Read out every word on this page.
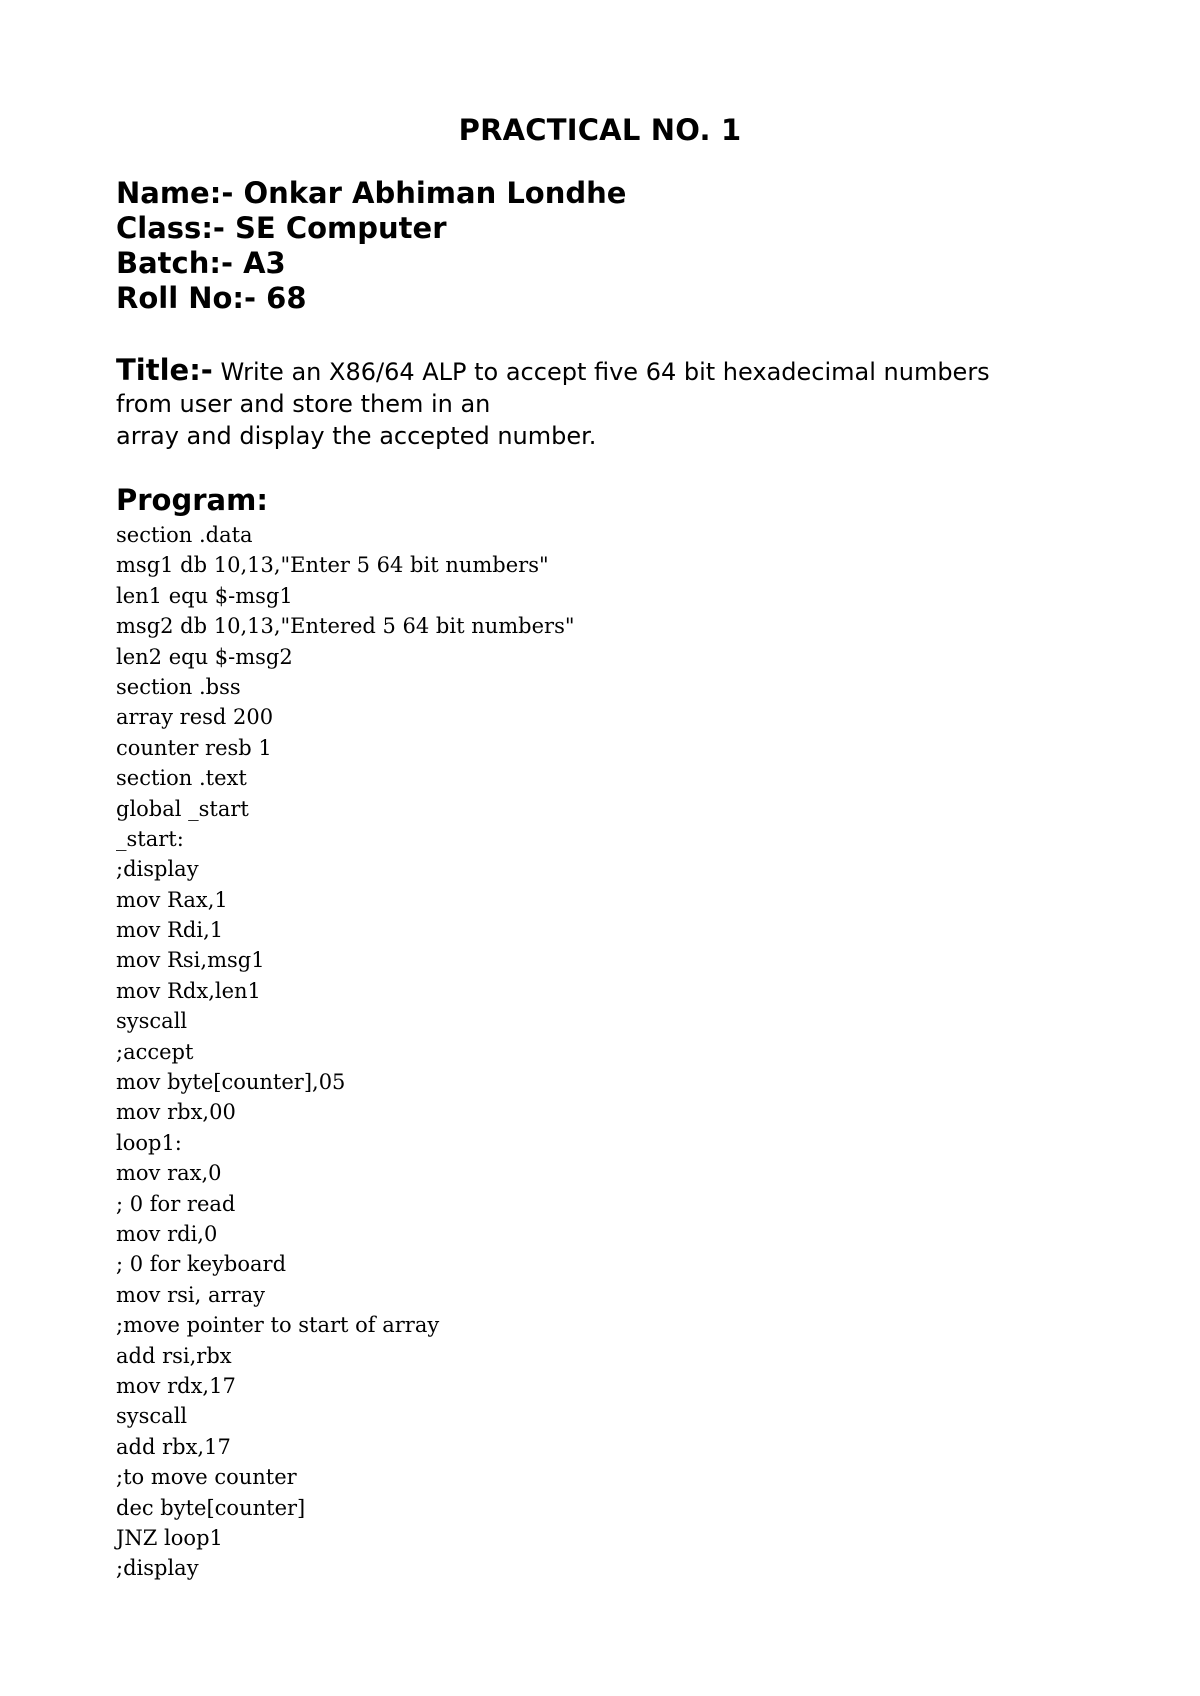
PRACTICAL NO. 1
Name:- Onkar Abhiman Londhe
Class:- SE Computer
Batch:- A3
Roll No:- 68
Title:- Write an X86/64 ALP to accept five 64 bit hexadecimal numbers
from user and store them in an
array and display the accepted number.
Program:
section .data
msg1 db 10,13,"Enter 5 64 bit numbers"
len1 equ $-msg1
msg2 db 10,13,"Entered 5 64 bit numbers"
len2 equ $-msg2
section .bss
array resd 200
counter resb 1
section .text
global _start
_start:
;display
mov Rax,1
mov Rdi,1
mov Rsi,msg1
mov Rdx,len1
syscall
;accept
mov byte[counter],05
mov rbx,00
loop1:
mov rax,0
; 0 for read
mov rdi,0
; 0 for keyboard
mov rsi, array
;move pointer to start of array
add rsi,rbx
mov rdx,17
syscall
add rbx,17
;to move counter
dec byte[counter]
JNZ loop1
;display
